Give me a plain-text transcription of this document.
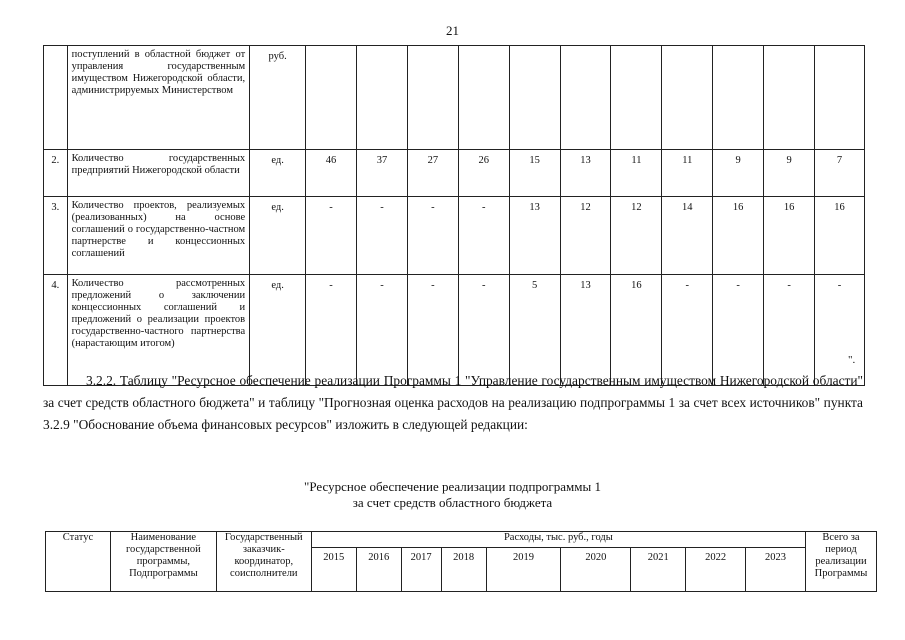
21
	поступлений в областной бюджет от управления государственным имуществом Нижегородской области, администрируемых Министерством	руб.											
2.	Количество государственных предприятий Нижегородской области	ед.	46	37	27	26	15	13	11	11	9	9	7
3.	Количество проектов, реализуемых (реализованных) на основе соглашений о государственно-частном партнерстве и концессионных соглашений	ед.	-	-	-	-	13	12	12	14	16	16	16
4.	Количество рассмотренных предложений о заключении концессионных соглашений и предложений о реализации проектов государственно-частного партнерства (нарастающим итогом)	ед.	-	-	-	-	5	13	16	-	-	-	-
".
3.2.2. Таблицу "Ресурсное обеспечение реализации Программы 1 "Управление государственным имуществом Нижегородской области" за счет средств областного бюджета" и таблицу "Прогнозная оценка расходов на реализацию подпрограммы 1 за счет всех источников" пункта 3.2.9 "Обоснование объема финансовых ресурсов" изложить в следующей редакции:
"Ресурсное обеспечение реализации подпрограммы 1
за счет средств областного бюджета
Статус	Наименование государственной программы, Подпрограммы	Государственный заказчик-координатор, соисполнители	Расходы, тыс. руб., годы									Всего за период реализации Программы
			2015	2016	2017	2018	2019	2020	2021	2022	2023	
